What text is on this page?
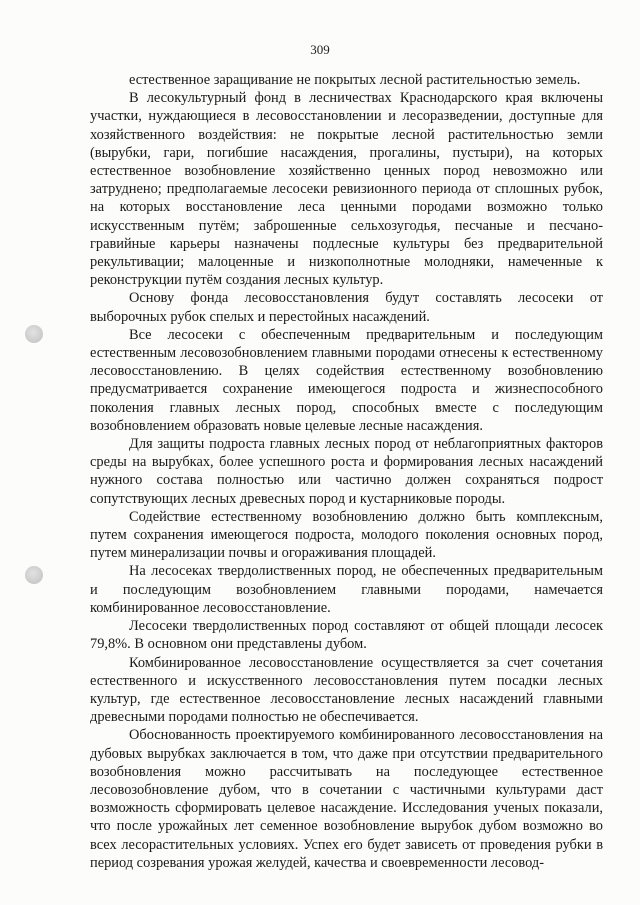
309

естественное заращивание не покрытых лесной растительностью земель.

В лесокультурный фонд в лесничествах Краснодарского края включены участки, нуждающиеся в лесовосстановлении и лесоразведении, доступные для хозяйственного воздействия: не покрытые лесной растительностью земли (вырубки, гари, погибшие насаждения, прогалины, пустыри), на которых естественное возобновление хозяйственно ценных пород невозможно или затруднено; предполагаемые лесосеки ревизионного периода от сплошных рубок, на которых восстановление леса ценными породами возможно только искусственным путём; заброшенные сельхозугодья, песчаные и песчано-гравийные карьеры назначены подлесные культуры без предварительной рекультивации; малоценные и низкополнотные молодняки, намеченные к реконструкции путём создания лесных культур.

Основу фонда лесовосстановления будут составлять лесосеки от выборочных рубок спелых и перестойных насаждений.

Все лесосеки с обеспеченным предварительным и последующим естественным лесовозобновлением главными породами отнесены к естественному лесовосстановлению. В целях содействия естественному возобновлению предусматривается сохранение имеющегося подроста и жизнеспособного поколения главных лесных пород, способных вместе с последующим возобновлением образовать новые целевые лесные насаждения.

Для защиты подроста главных лесных пород от неблагоприятных факторов среды на вырубках, более успешного роста и формирования лесных насаждений нужного состава полностью или частично должен сохраняться подрост сопутствующих лесных древесных пород и кустарниковые породы.

Содействие естественному возобновлению должно быть комплексным, путем сохранения имеющегося подроста, молодого поколения основных пород, путем минерализации почвы и огораживания площадей.

На лесосеках твердолиственных пород, не обеспеченных предварительным и последующим возобновлением главными породами, намечается комбинированное лесовосстановление.

Лесосеки твердолиственных пород составляют от общей площади лесосек 79,8%. В основном они представлены дубом.

Комбинированное лесовосстановление осуществляется за счет сочетания естественного и искусственного лесовосстановления путем посадки лесных культур, где естественное лесовосстановление лесных насаждений главными древесными породами полностью не обеспечивается.

Обоснованность проектируемого комбинированного лесовосстановления на дубовых вырубках заключается в том, что даже при отсутствии предварительного возобновления можно рассчитывать на последующее естественное лесовозобновление дубом, что в сочетании с частичными культурами даст возможность сформировать целевое насаждение. Исследования ученых показали, что после урожайных лет семенное возобновление вырубок дубом возможно во всех лесорастительных условиях. Успех его будет зависеть от проведения рубки в период созревания урожая желудей, качества и своевременности лесовод-
